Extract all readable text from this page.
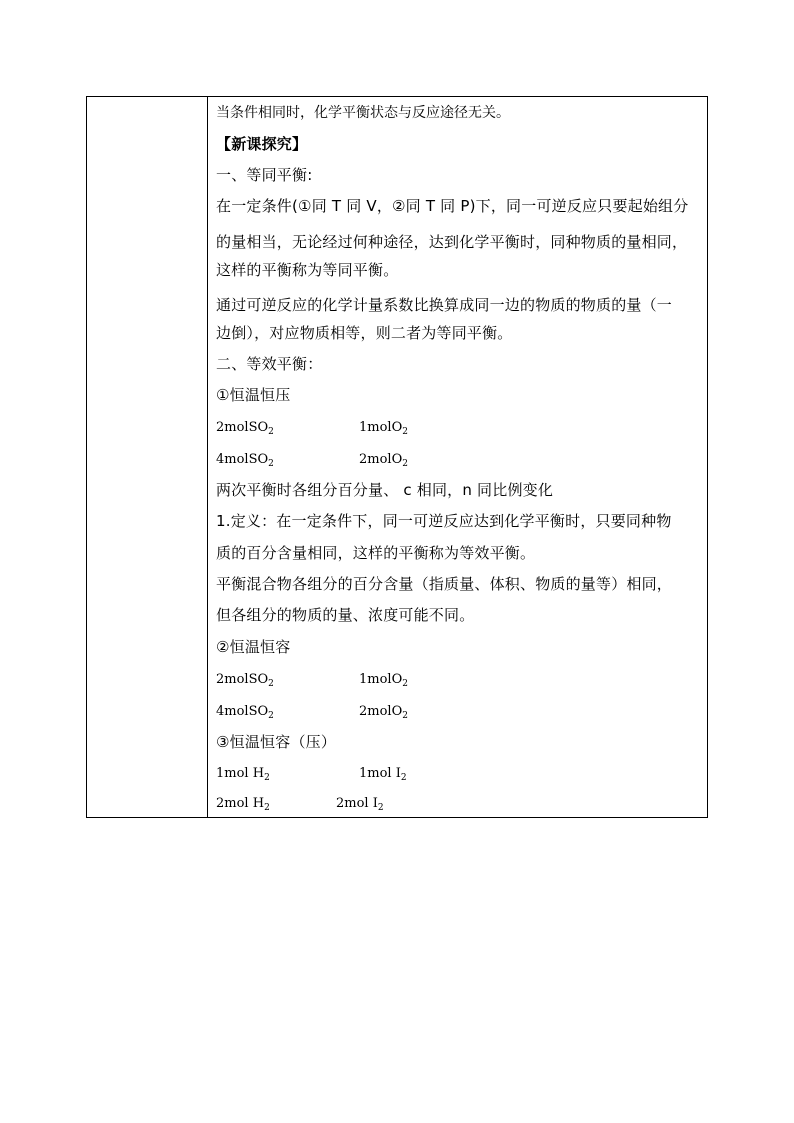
当条件相同时，化学平衡状态与反应途径无关。
【新课探究】
一、等同平衡:
在一定条件(①同 T 同 V，②同 T 同 P)下，同一可逆反应只要起始组分
的量相当，无论经过何种途径，达到化学平衡时，同种物质的量相同，
这样的平衡称为等同平衡。
通过可逆反应的化学计量系数比换算成同一边的物质的物质的量（一
边倒），对应物质相等，则二者为等同平衡。
二、等效平衡：
①恒温恒压
2molSO$_2$	1molO$_2$
4molSO$_2$	2molO$_2$
两次平衡时各组分百分量、 c 相同，n 同比例变化
1.定义：在一定条件下，同一可逆反应达到化学平衡时，只要同种物
质的百分含量相同，这样的平衡称为等效平衡。
平衡混合物各组分的百分含量（指质量、体积、物质的量等）相同，
但各组分的物质的量、浓度可能不同。
②恒温恒容
2molSO$_2$	1molO$_2$
4molSO$_2$	2molO$_2$
③恒温恒容（压）
1mol $H_2$	1mol $I_2$
2mol $H_2$	2mol $I_2$
